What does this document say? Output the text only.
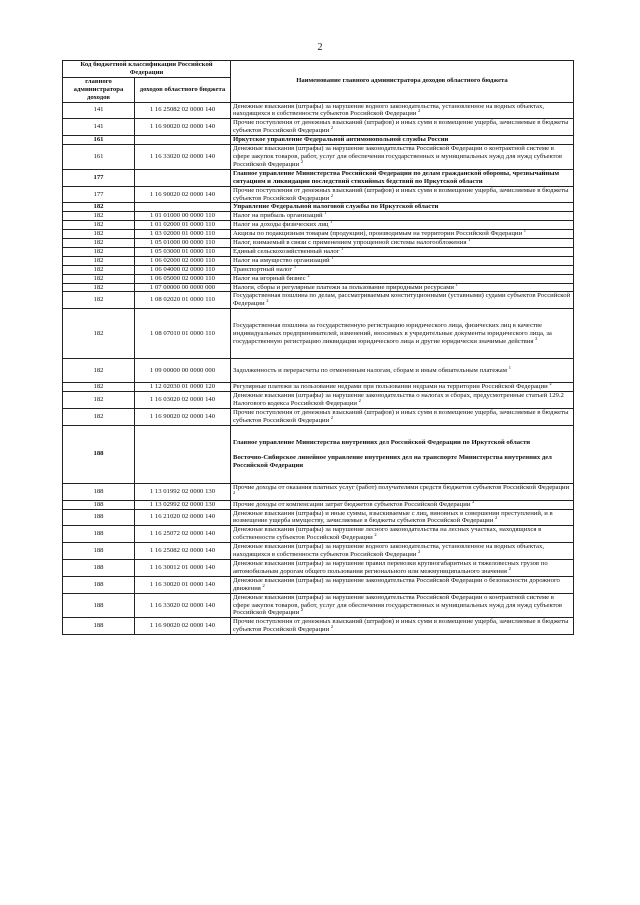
2
Код бюджетной классификации Российской Федерации		Наименование главного администратора доходов областного бюджета
главного администратора доходов	доходов областного бюджета	
141	1 16 25082 02 0000 140	Денежные взыскания (штрафы) за нарушение водного законодательства, установленное на водных объектах, находящихся в собственности субъектов Российской Федерации $^2$
141	1 16 90020 02 0000 140	Прочие поступления от денежных взысканий (штрафов) и иных сумм в возмещение ущерба, зачисляемые в бюджеты субъектов Российской Федерации $^2$
161		Иркутское управление Федеральной антимонопольной службы России
161	1 16 33020 02 0000 140	Денежные взыскания (штрафы) за нарушение законодательства Российской Федерации о контрактной системе в сфере закупок товаров, работ, услуг для обеспечения государственных и муниципальных нужд для нужд субъектов Российской Федерации $^2$
177		Главное управление Министерства Российской Федерации по делам гражданской обороны, чрезвычайным ситуациям и ликвидации последствий стихийных бедствий по Иркутской области
177	1 16 90020 02 0000 140	Прочие поступления от денежных взысканий (штрафов) и иных сумм в возмещение ущерба, зачисляемые в бюджеты субъектов Российской Федерации $^2$
182		Управление Федеральной налоговой службы по Иркутской области
182	1 01 01000 00 0000 110	Налог на прибыль организаций $^1$
182	1 01 02000 01 0000 110	Налог на доходы физических лиц $^1$
182	1 03 02000 01 0000 110	Акцизы по подакцизным товарам (продукции), производимым на территории Российской Федерации $^1$
182	1 05 01000 00 0000 110	Налог, взимаемый в связи с применением упрощенной системы налогообложения $^1$
182	1 05 03000 01 0000 110	Единый сельскохозяйственный налог $^1$
182	1 06 02000 02 0000 110	Налог на имущество организаций $^1$
182	1 06 04000 02 0000 110	Транспортный налог $^1$
182	1 06 05000 02 0000 110	Налог на игорный бизнес $^2$
182	1 07 00000 00 0000 000	Налоги, сборы и регулярные платежи за пользование природными ресурсами $^1$
182	1 08 02020 01 0000 110	Государственная пошлина по делам, рассматриваемым конституционными (уставными) судами субъектов Российской Федерации $^2$
182	1 08 07010 01 0000 110	Государственная пошлина за государственную регистрацию юридического лица, физических лиц в качестве индивидуальных предпринимателей, изменений, вносимых в учредительные документы юридического лица, за государственную регистрацию ликвидации юридического лица и другие юридически значимые действия $^2$
182	1 09 00000 00 0000 000	Задолженность и перерасчеты по отмененным налогам, сборам и иным обязательным платежам $^1$
182	1 12 02030 01 0000 120	Регулярные платежи за пользование недрами при пользовании недрами на территории Российской Федерации $^2$
182	1 16 03020 02 0000 140	Денежные взыскания (штрафы) за нарушение законодательства о налогах и сборах, предусмотренные статьей 129.2 Налогового кодекса Российской Федерации $^2$
182	1 16 90020 02 0000 140	Прочие поступления от денежных взысканий (штрафов) и иных сумм в возмещение ущерба, зачисляемые в бюджеты субъектов Российской Федерации $^2$
188		Главное управление Министерства внутренних дел Российской Федерации по Иркутской области
Восточно-Сибирское линейное управление внутренних дел на транспорте Министерства внутренних дел Российской Федерации
188	1 13 01992 02 0000 130	Прочие доходы от оказания платных услуг (работ) получателями средств бюджетов субъектов Российской Федерации $^2$
188	1 13 02992 02 0000 130	Прочие доходы от компенсации затрат бюджетов субъектов Российской Федерации $^2$
188	1 16 21020 02 0000 140	Денежные взыскания (штрафы) и иные суммы, взыскиваемые с лиц, виновных в совершении преступлений, и в возмещение ущерба имуществу, зачисляемые в бюджеты субъектов Российской Федерации $^2$
188	1 16 25072 02 0000 140	Денежные взыскания (штрафы) за нарушение лесного законодательства на лесных участках, находящихся в собственности субъектов Российской Федерации $^2$
188	1 16 25082 02 0000 140	Денежные взыскания (штрафы) за нарушение водного законодательства, установленное на водных объектах, находящихся в собственности субъектов Российской Федерации $^2$
188	1 16 30012 01 0000 140	Денежные взыскания (штрафы) за нарушение правил перевозки крупногабаритных и тяжеловесных грузов по автомобильным дорогам общего пользования регионального или межмуниципального значения $^2$
188	1 16 30020 01 0000 140	Денежные взыскания (штрафы) за нарушение законодательства Российской Федерации о безопасности дорожного движения $^2$
188	1 16 33020 02 0000 140	Денежные взыскания (штрафы) за нарушение законодательства Российской Федерации о контрактной системе в сфере закупок товаров, работ, услуг для обеспечения государственных и муниципальных нужд для нужд субъектов Российской Федерации $^2$
188	1 16 90020 02 0000 140	Прочие поступления от денежных взысканий (штрафов) и иных сумм в возмещение ущерба, зачисляемые в бюджеты субъектов Российской Федерации $^2$
